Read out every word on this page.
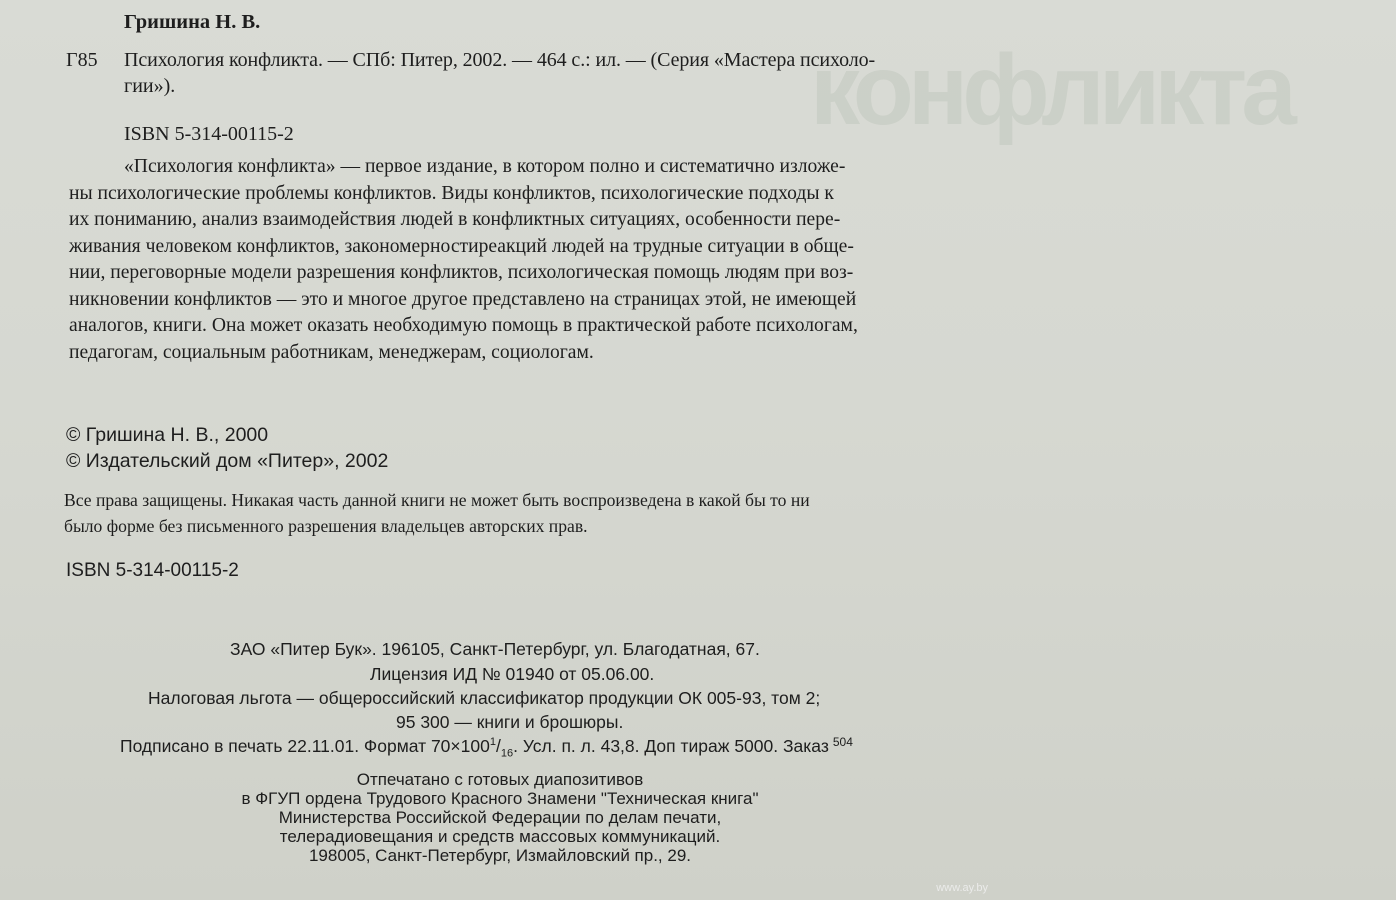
конфликта
Гришина Н. В.
Г85 Психология конфликта. — СПб: Питер, 2002. — 464 с.: ил. — (Серия «Мастера психоло-
гии»).
ISBN 5-314-00115-2
«Психология конфликта» — первое издание, в котором полно и систематично изложе-
ны психологические проблемы конфликтов. Виды конфликтов, психологические подходы к
их пониманию, анализ взаимодействия людей в конфликтных ситуациях, особенности пере-
живания человеком конфликтов, закономерностиреакций людей на трудные ситуации в обще-
нии, переговорные модели разрешения конфликтов, психологическая помощь людям при воз-
никновении конфликтов — это и многое другое представлено на страницах этой, не имеющей
аналогов, книги. Она может оказать необходимую помощь в практической работе психологам,
педагогам, социальным работникам, менеджерам, социологам.
© Гришина Н. В., 2000
© Издательский дом «Питер», 2002
Все права защищены. Никакая часть данной книги не может быть воспроизведена в какой бы то ни
было форме без письменного разрешения владельцев авторских прав.
ISBN 5-314-00115-2
ЗАО «Питер Бук». 196105, Санкт-Петербург, ул. Благодатная, 67.
Лицензия ИД № 01940 от 05.06.00.
Налоговая льгота — общероссийский классификатор продукции ОК 005-93, том 2;
95 300 — книги и брошюры.
Подписано в печать 22.11.01. Формат $70\times 100^1/_{16}$. Усл. п. л. 43,8. Доп тираж 5000. Заказ $^{504}$
Отпечатано с готовых диапозитивов
в ФГУП ордена Трудового Красного Знамени "Техническая книга"
Министерства Российской Федерации по делам печати,
телерадиовещания и средств массовых коммуникаций.
198005, Санкт-Петербург, Измайловский пр., 29.
www.ay.by
